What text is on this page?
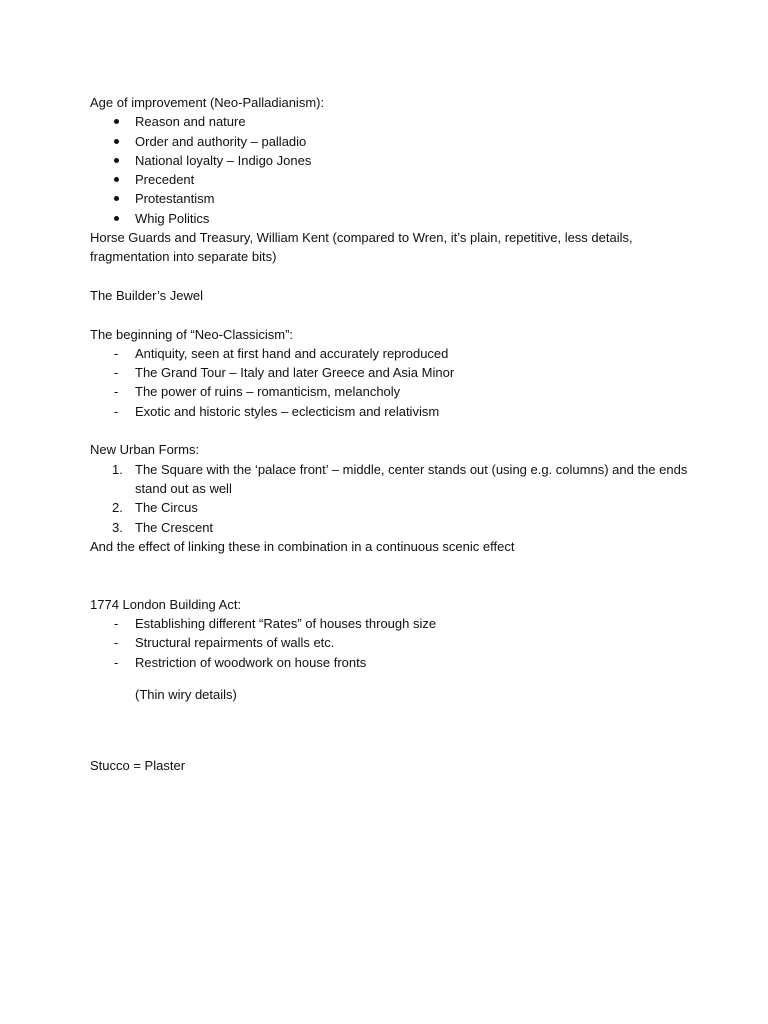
Age of improvement (Neo-Palladianism):

Reason and nature
Order and authority – palladio
National loyalty – Indigo Jones
Precedent
Protestantism
Whig Politics

Horse Guards and Treasury, William Kent (compared to Wren, it’s plain, repetitive, less details, fragmentation into separate bits)

The Builder’s Jewel

The beginning of “Neo-Classicism”:

-	Antiquity, seen at first hand and accurately reproduced
-	The Grand Tour – Italy and later Greece and Asia Minor
-	The power of ruins – romanticism, melancholy
-	Exotic and historic styles – eclecticism and relativism

New Urban Forms:

1. The Square with the ‘palace front’ – middle, center stands out (using e.g. columns) and the ends stand out as well
2. The Circus
3. The Crescent

And the effect of linking these in combination in a continuous scenic effect

1774 London Building Act:

-	Establishing different “Rates” of houses through size
-	Structural repairments of walls etc.
-	Restriction of woodwork on house fronts

(Thin wiry details)

Stucco = Plaster
